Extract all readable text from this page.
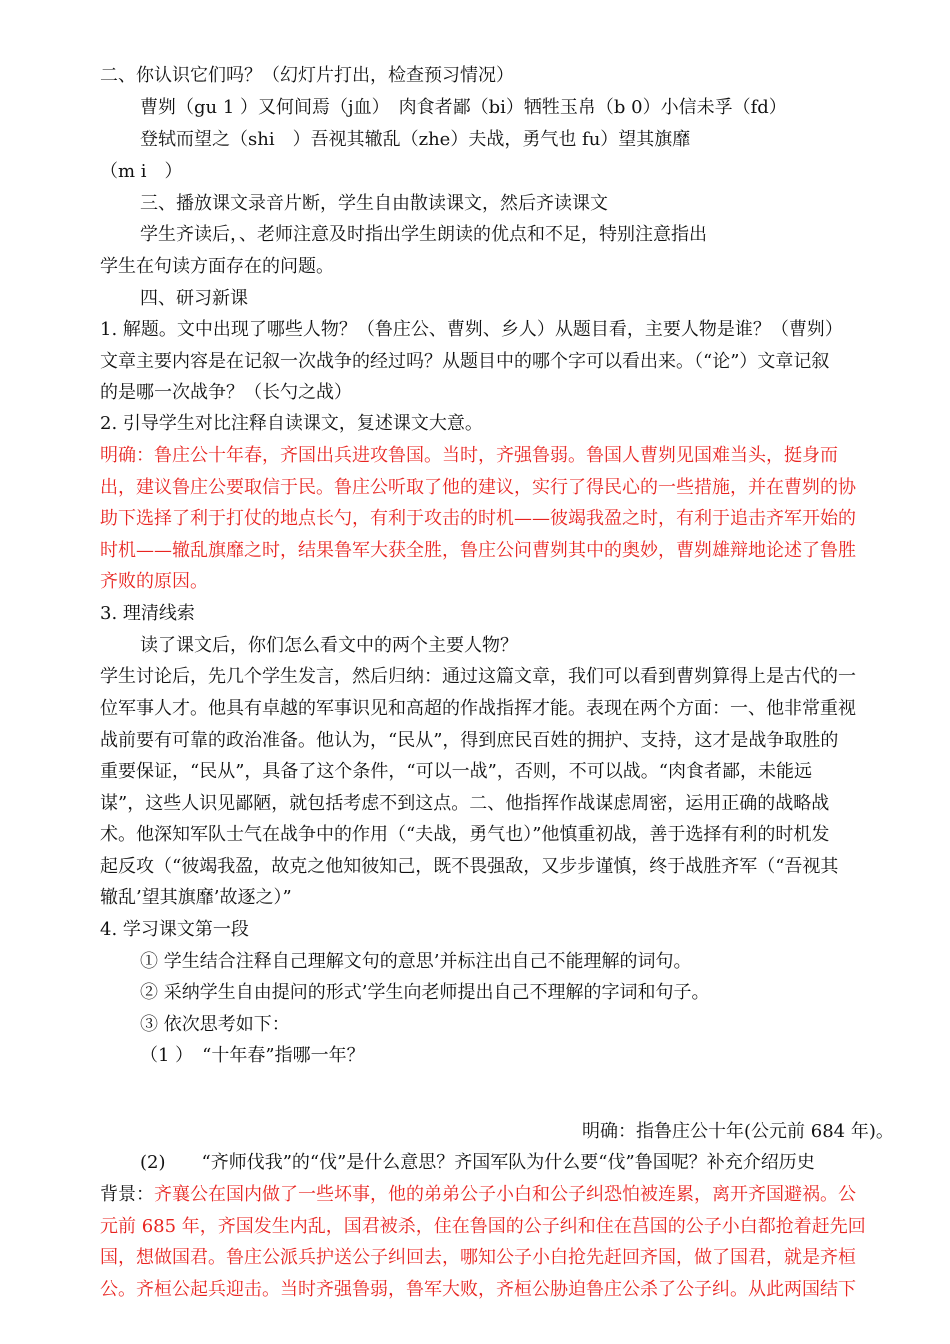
二、你认识它们吗？（幻灯片打出，检查预习情况）
曹刿（gu 1 ）又何间焉（j血）　肉食者鄙（bi）牺牲玉帛（b 0）小信未孚（fd）
登轼而望之（shi　）吾视其辙乱（zhe）夫战，勇气也 fu）望其旗靡
（m i　）
三、播放课文录音片断，学生自由散读课文，然后齐读课文
学生齐读后，、老师注意及时指出学生朗读的优点和不足，特别注意指出
学生在句读方面存在的问题。
四、研习新课
1. 解题。文中出现了哪些人物？（鲁庄公、曹刿、乡人）从题目看，主要人物是谁？（曹刿）
文章主要内容是在记叙一次战争的经过吗？从题目中的哪个字可以看出来。（“论”）文章记叙
的是哪一次战争？（长勺之战）
2. 引导学生对比注释自读课文，复述课文大意。
明确：鲁庄公十年春，齐国出兵进攻鲁国。当时，齐强鲁弱。鲁国人曹刿见国难当头，挺身而
出，建议鲁庄公要取信于民。鲁庄公听取了他的建议，实行了得民心的一些措施，并在曹刿的协
助下选择了利于打仗的地点长勺，有利于攻击的时机——彼竭我盈之时，有利于追击齐军开始的
时机——辙乱旗靡之时，结果鲁军大获全胜，鲁庄公问曹刿其中的奥妙，曹刿雄辩地论述了鲁胜
齐败的原因。
3. 理清线索
读了课文后，你们怎么看文中的两个主要人物？
学生讨论后，先几个学生发言，然后归纳：通过这篇文章，我们可以看到曹刿算得上是古代的一
位军事人才。他具有卓越的军事识见和高超的作战指挥才能。表现在两个方面：一、他非常重视
战前要有可靠的政治准备。他认为，“民从”，得到庶民百姓的拥护、支持，这才是战争取胜的
重要保证，“民从”，具备了这个条件，“可以一战”，否则，不可以战。“肉食者鄙，未能远
谋”，这些人识见鄙陋，就包括考虑不到这点。二、他指挥作战谋虑周密，运用正确的战略战
术。他深知军队士气在战争中的作用（“夫战，勇气也）”他慎重初战，善于选择有利的时机发
起反攻（“彼竭我盈，故克之他知彼知己，既不畏强敌，又步步谨慎，终于战胜齐军（“吾视其
辙乱’望其旗靡’故逐之）”
4. 学习课文第一段
① 学生结合注释自己理解文句的意思’并标注出自己不能理解的词句。
② 采纳学生自由提问的形式’学生向老师提出自己不理解的字词和句子。
③ 依次思考如下：
（1 ）　“十年春”指哪一年？
明确：指鲁庄公十年(公元前 684 年)。
(2)　　“齐师伐我”的“伐”是什么意思？齐国军队为什么要“伐”鲁国呢？补充介绍历史
背景：齐襄公在国内做了一些坏事，他的弟弟公子小白和公子纠恐怕被连累，离开齐国避祸。公
元前 685 年，齐国发生内乱，国君被杀，住在鲁国的公子纠和住在莒国的公子小白都抢着赶先回
国，想做国君。鲁庄公派兵护送公子纠回去，哪知公子小白抢先赶回齐国，做了国君，就是齐桓
公。齐桓公起兵迎击。当时齐强鲁弱，鲁军大败，齐桓公胁迫鲁庄公杀了公子纠。从此两国结下
